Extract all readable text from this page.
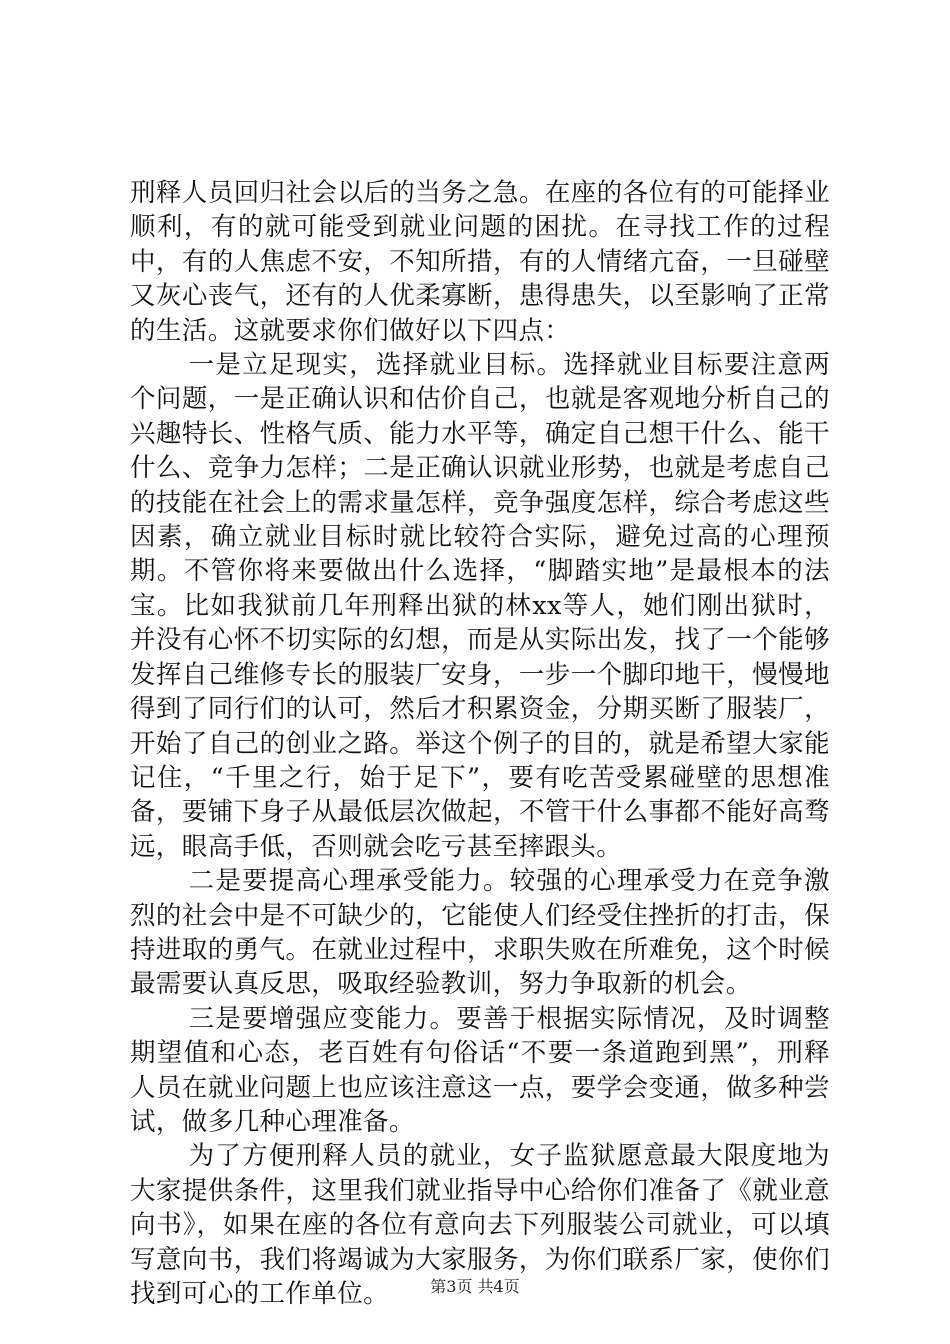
刑释人员回归社会以后的当务之急。在座的各位有的可能择业顺利，有的就可能受到就业问题的困扰。在寻找工作的过程中，有的人焦虑不安，不知所措，有的人情绪亢奋，一旦碰壁又灰心丧气，还有的人优柔寡断，患得患失，以至影响了正常的生活。这就要求你们做好以下四点：

一是立足现实，选择就业目标。选择就业目标要注意两个问题，一是正确认识和估价自己，也就是客观地分析自己的兴趣特长、性格气质、能力水平等，确定自己想干什么、能干什么、竞争力怎样；二是正确认识就业形势，也就是考虑自己的技能在社会上的需求量怎样，竞争强度怎样，综合考虑这些因素，确立就业目标时就比较符合实际，避免过高的心理预期。不管你将来要做出什么选择，“脚踏实地”是最根本的法宝。比如我狱前几年刑释出狱的林xx等人，她们刚出狱时，并没有心怀不切实际的幻想，而是从实际出发，找了一个能够发挥自己维修专长的服装厂安身，一步一个脚印地干，慢慢地得到了同行们的认可，然后才积累资金，分期买断了服装厂，开始了自己的创业之路。举这个例子的目的，就是希望大家能记住，“千里之行，始于足下”，要有吃苦受累碰壁的思想准备，要铺下身子从最低层次做起，不管干什么事都不能好高骛远，眼高手低，否则就会吃亏甚至摔跟头。

二是要提高心理承受能力。较强的心理承受力在竞争激烈的社会中是不可缺少的，它能使人们经受住挫折的打击，保持进取的勇气。在就业过程中，求职失败在所难免，这个时候最需要认真反思，吸取经验教训，努力争取新的机会。

三是要增强应变能力。要善于根据实际情况，及时调整期望值和心态，老百姓有句俗话“不要一条道跑到黑”，刑释人员在就业问题上也应该注意这一点，要学会变通，做多种尝试，做多几种心理准备。

为了方便刑释人员的就业，女子监狱愿意最大限度地为大家提供条件，这里我们就业指导中心给你们准备了《就业意向书》，如果在座的各位有意向去下列服装公司就业，可以填写意向书，我们将竭诚为大家服务，为你们联系厂家，使你们找到可心的工作单位。	第3页 共4页
